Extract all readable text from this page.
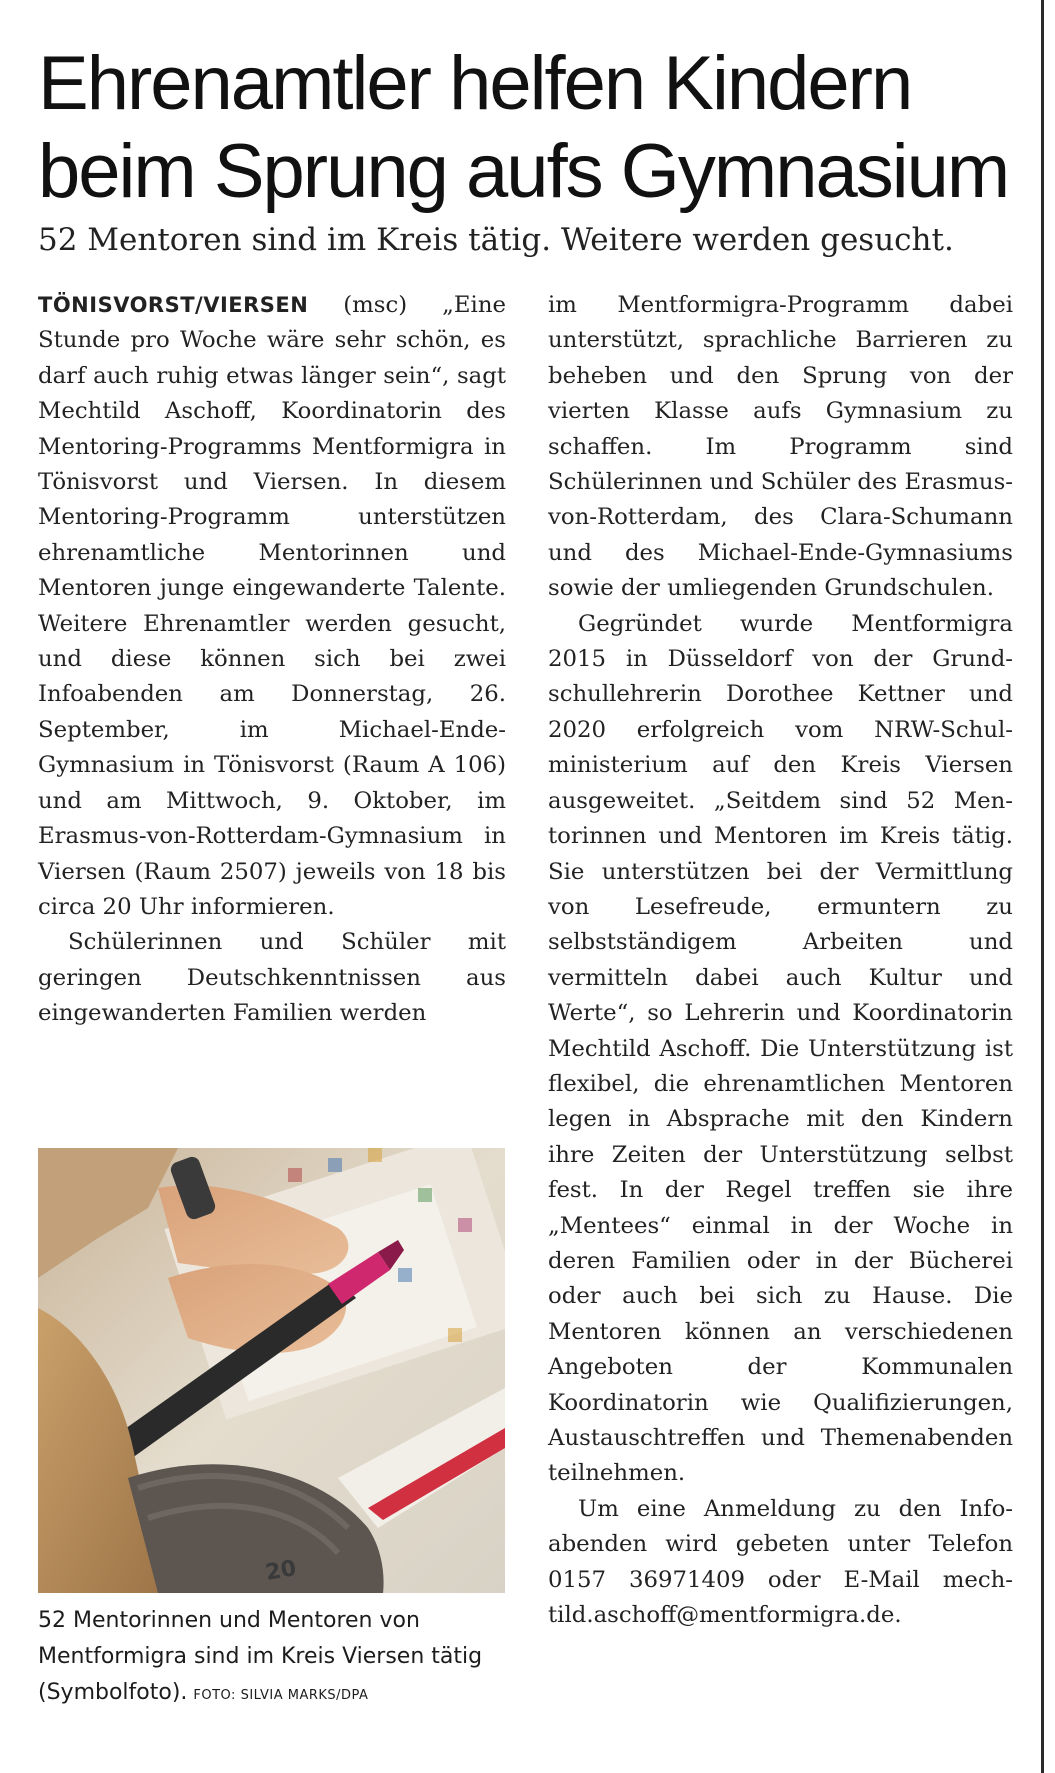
Ehrenamtler helfen Kindern
beim Sprung aufs Gymnasium
52 Mentoren sind im Kreis tätig. Weitere werden gesucht.

TÖNISVORST/VIERSEN (msc) „Eine Stunde pro Woche wäre sehr schön, es darf auch ruhig etwas länger sein“, sagt Mechtild Aschoff, Koordinatorin des Mentoring-Programms Mentformigra in Tönisvorst und Viersen. In diesem Mentoring-Programm unterstützen ehrenamtliche Mentorinnen und Mentoren junge eingewanderte Talente. Weitere Ehrenamtler werden gesucht, und diese können sich bei zwei Infoabenden am Donnerstag, 26. September, im Michael-Ende-Gymnasium in Tönisvorst (Raum A 106) und am Mittwoch, 9. Oktober, im Erasmus-von-Rotterdam-Gymnasium in Viersen (Raum 2507) jeweils von 18 bis circa 20 Uhr informieren.

Schülerinnen und Schüler mit geringen Deutschkenntnissen aus eingewanderten Familien werden

20
52 Mentorinnen und Mentoren von Mentformigra sind im Kreis Viersen tätig (Symbolfoto). FOTO: SILVIA MARKS/DPA

im Mentformigra-Programm dabei unterstützt, sprachliche Barrieren zu beheben und den Sprung von der vierten Klasse aufs Gymnasium zu schaffen. Im Programm sind Schülerinnen und Schüler des Erasmus-von-Rotterdam, des Clara-Schumann und des Michael-Ende-Gymnasiums sowie der umliegenden Grundschulen.

Gegründet wurde Mentformigra 2015 in Düsseldorf von der Grundschullehrerin Dorothee Kettner und 2020 erfolgreich vom NRW-Schulministerium auf den Kreis Viersen ausgeweitet. „Seitdem sind 52 Mentorinnen und Mentoren im Kreis tätig. Sie unterstützen bei der Vermittlung von Lesefreude, ermuntern zu selbstständigem Arbeiten und vermitteln dabei auch Kultur und Werte“, so Lehrerin und Koordinatorin Mechtild Aschoff. Die Unterstützung ist flexibel, die ehrenamtlichen Mentoren legen in Absprache mit den Kindern ihre Zeiten der Unterstützung selbst fest. In der Regel treffen sie ihre „Mentees“ einmal in der Woche in deren Familien oder in der Bücherei oder auch bei sich zu Hause. Die Mentoren können an verschiedenen Angeboten der Kommunalen Koordinatorin wie Qualifizierungen, Austauschtreffen und Themenabenden teilnehmen.

Um eine Anmeldung zu den Infoabenden wird gebeten unter Telefon 0157 36971409 oder E-Mail mechtild.aschoff@mentformigra.de.
